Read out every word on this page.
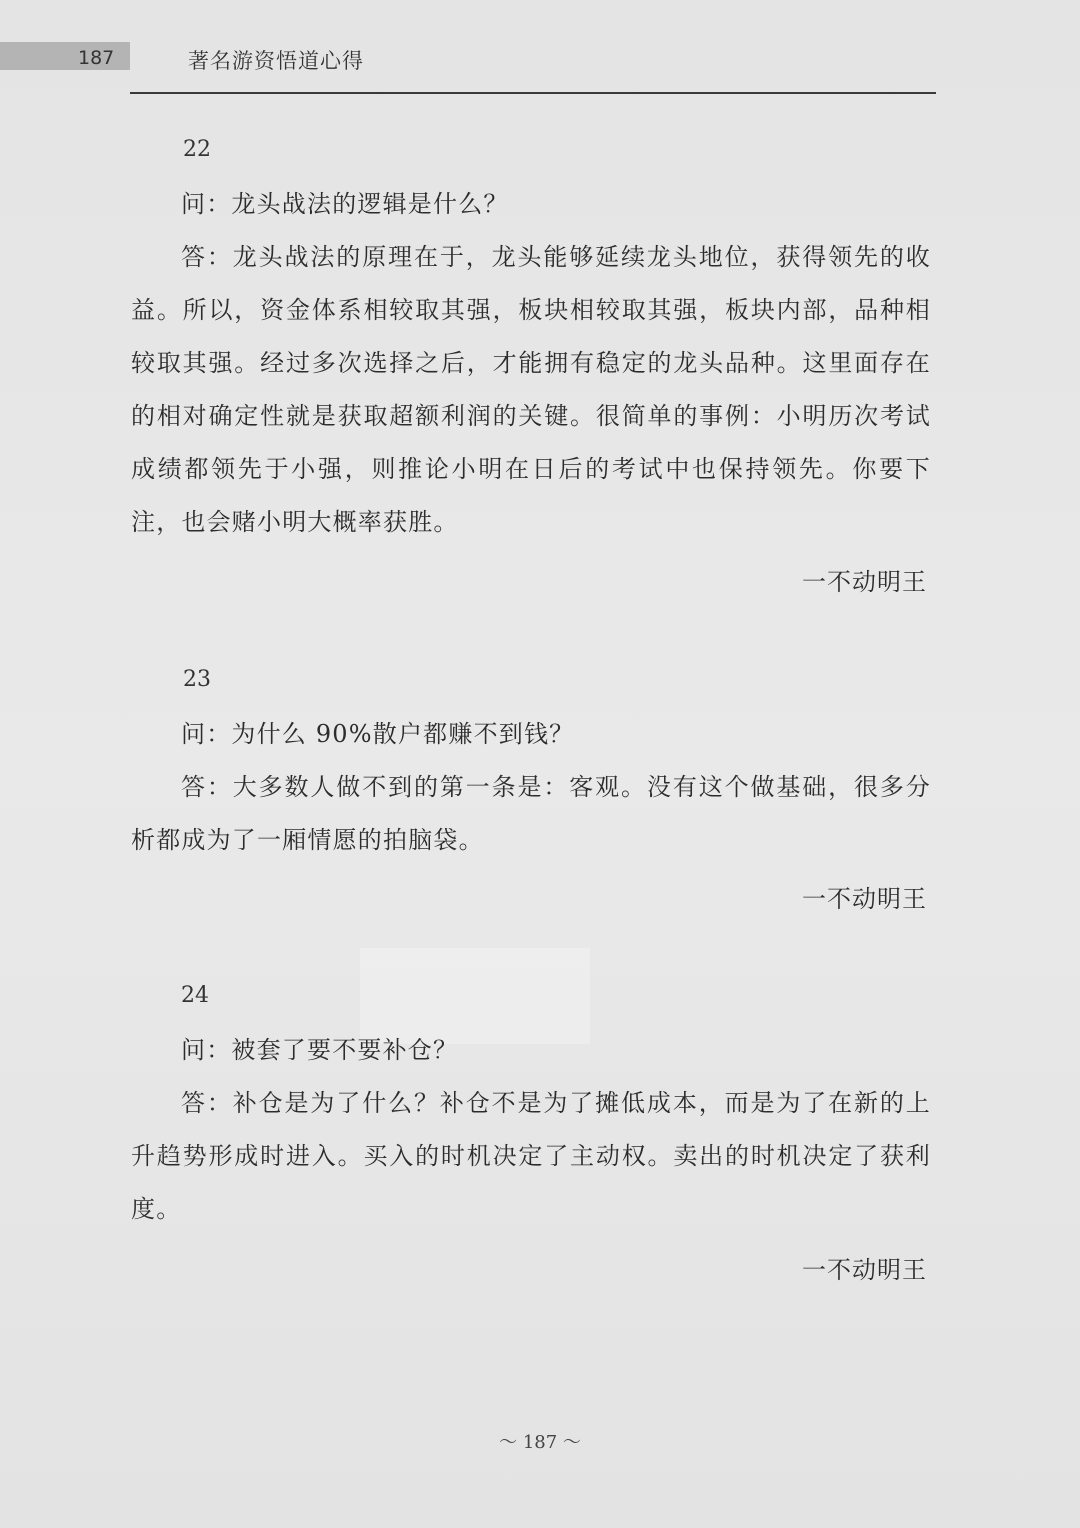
187	著名游资悟道心得
22
问：龙头战法的逻辑是什么？
答：龙头战法的原理在于，龙头能够延续龙头地位，获得领先的收益。所以，资金体系相较取其强，板块相较取其强，板块内部，品种相较取其强。经过多次选择之后，才能拥有稳定的龙头品种。这里面存在的相对确定性就是获取超额利润的关键。很简单的事例：小明历次考试成绩都领先于小强，则推论小明在日后的考试中也保持领先。你要下注，也会赌小明大概率获胜。
一不动明王
23
问：为什么 90%散户都赚不到钱？
答：大多数人做不到的第一条是：客观。没有这个做基础，很多分析都成为了一厢情愿的拍脑袋。
一不动明王
24
问：被套了要不要补仓？
答：补仓是为了什么？补仓不是为了摊低成本，而是为了在新的上升趋势形成时进入。买入的时机决定了主动权。卖出的时机决定了获利度。
一不动明王
～ 187 ～
